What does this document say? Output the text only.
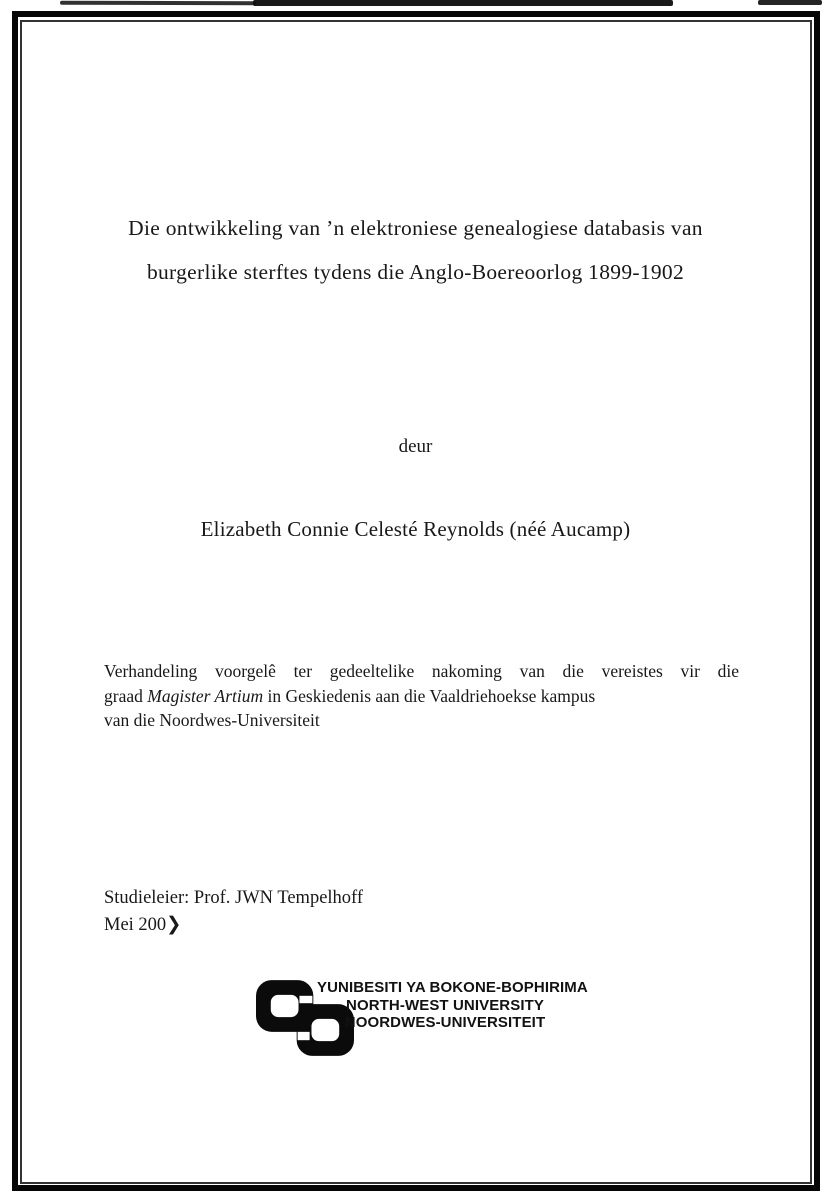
Die ontwikkeling van ’n elektroniese genealogiese databasis van
burgerlike sterftes tydens die Anglo-Boereoorlog 1899-1902
deur
Elizabeth Connie Celesté Reynolds (néé Aucamp)
Verhandeling voorgelê ter gedeeltelike nakoming van die vereistes vir die
graad Magister Artium in Geskiedenis aan die Vaaldriehoekse kampus
van die Noordwes-Universiteit
Studieleier: Prof. JWN Tempelhoff
Mei 200❯
YUNIBESITI YA BOKONE-BOPHIRIMA
NORTH-WEST UNIVERSITY
NOORDWES-UNIVERSITEIT
